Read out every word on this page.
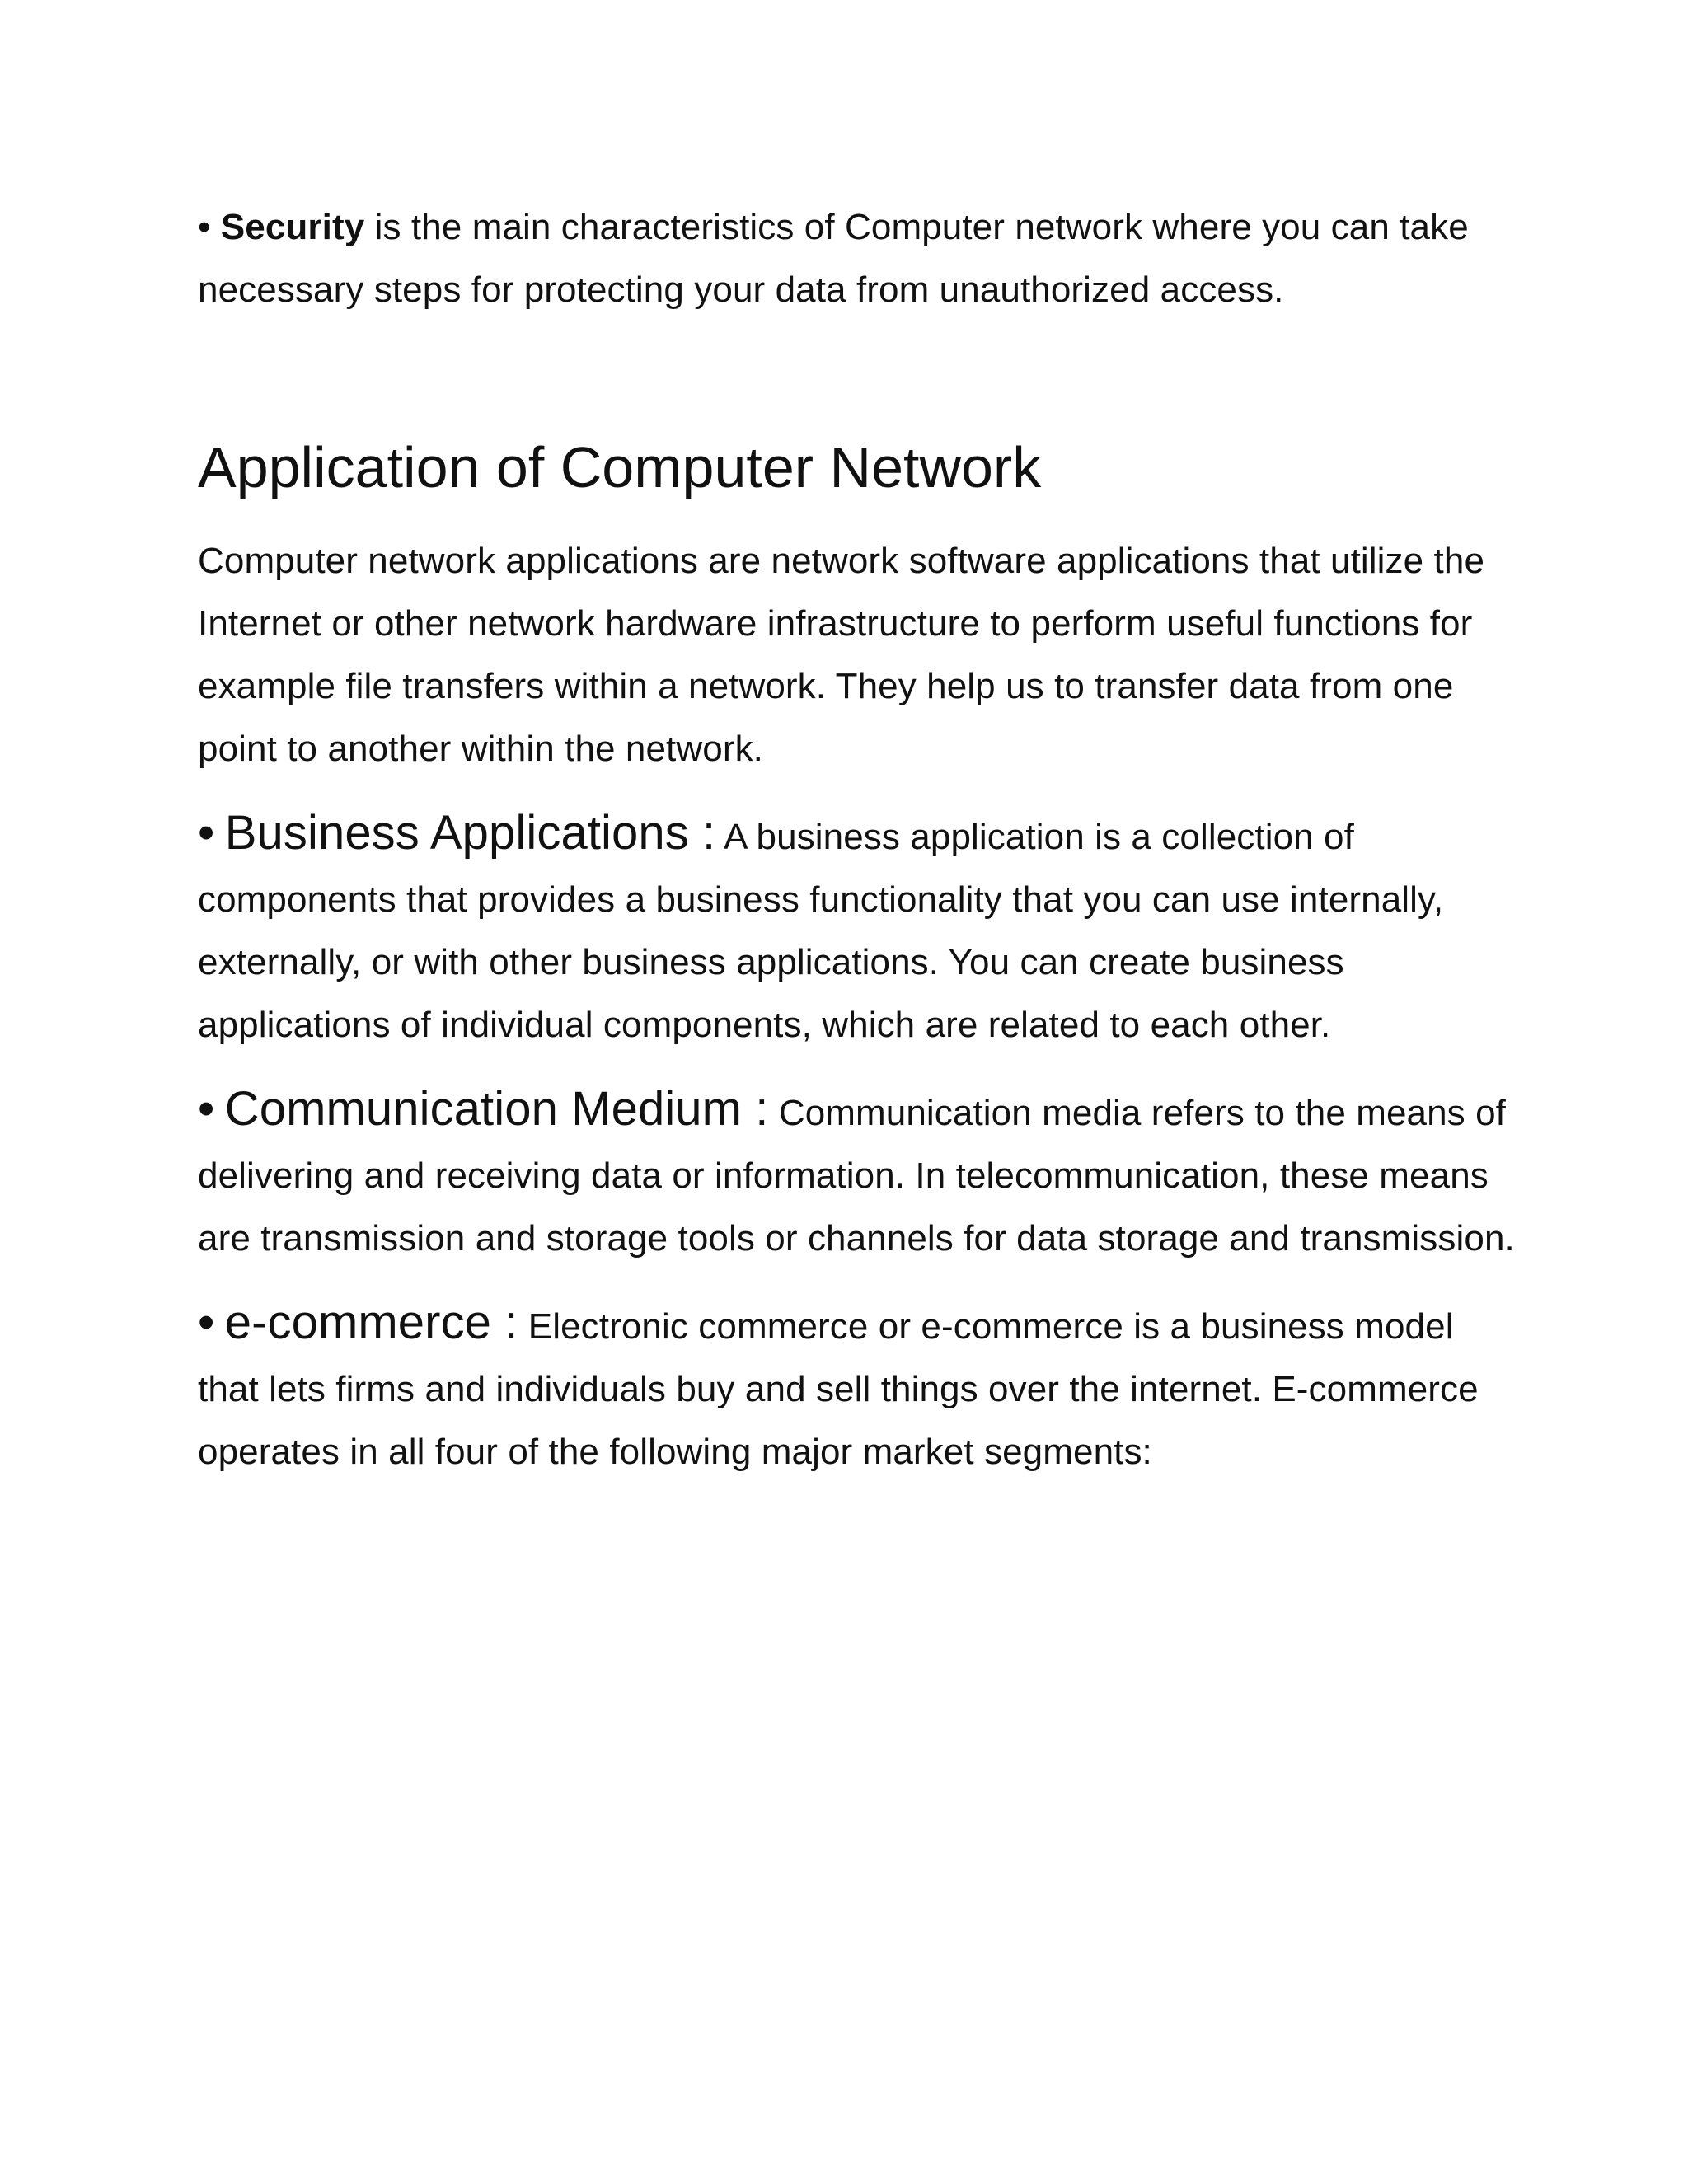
• Security is the main characteristics of Computer network where you can take necessary steps for protecting your data from unauthorized access.

Application of Computer Network

Computer network applications are network software applications that utilize the Internet or other network hardware infrastructure to perform useful functions for example file transfers within a network. They help us to transfer data from one point to another within the network.

• Business Applications : A business application is a collection of components that provides a business functionality that you can use internally, externally, or with other business applications. You can create business applications of individual components, which are related to each other.

• Communication Medium : Communication media refers to the means of delivering and receiving data or information. In telecommunication, these means are transmission and storage tools or channels for data storage and transmission.

• e-commerce : Electronic commerce or e-commerce is a business model that lets firms and individuals buy and sell things over the internet. E-commerce operates in all four of the following major market segments:
